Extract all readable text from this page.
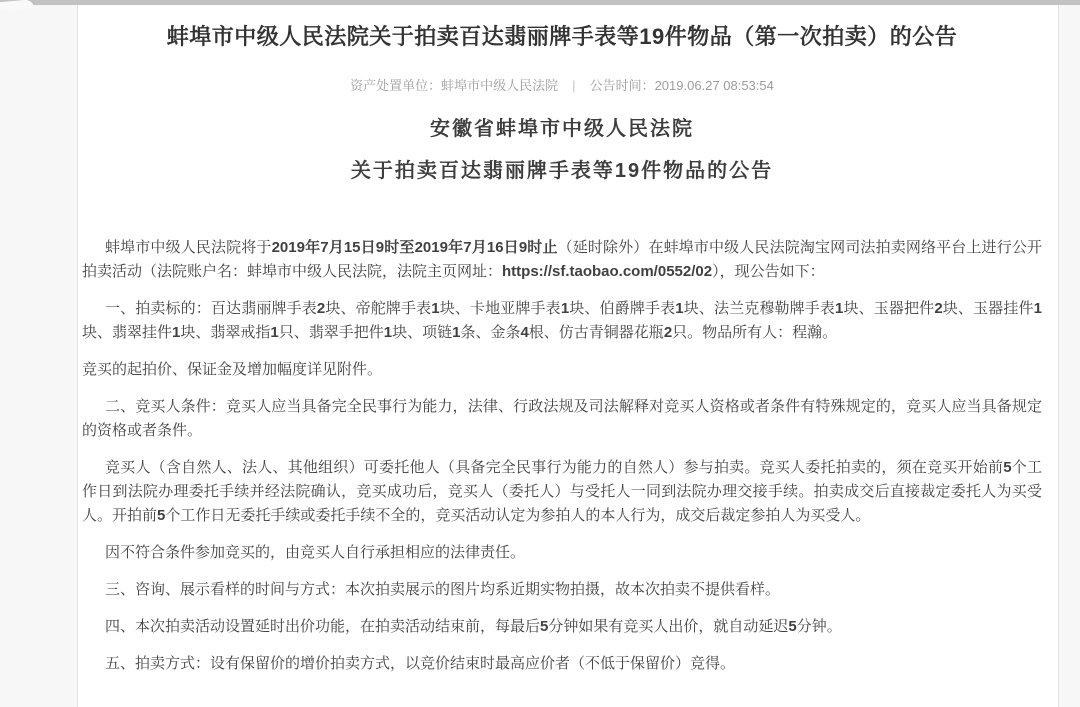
蚌埠市中级人民法院关于拍卖百达翡丽牌手表等19件物品（第一次拍卖）的公告
资产处置单位：蚌埠市中级人民法院 | 公告时间：2019.06.27 08:53:54
安徽省蚌埠市中级人民法院
关于拍卖百达翡丽牌手表等19件物品的公告

蚌埠市中级人民法院将于2019年7月15日9时至2019年7月16日9时止（延时除外）在蚌埠市中级人民法院淘宝网司法拍卖网络平台上进行公开拍卖活动（法院账户名：蚌埠市中级人民法院，法院主页网址：https://sf.taobao.com/0552/02），现公告如下：

一、拍卖标的：百达翡丽牌手表2块、帝舵牌手表1块、卡地亚牌手表1块、伯爵牌手表1块、法兰克穆勒牌手表1块、玉器把件2块、玉器挂件1块、翡翠挂件1块、翡翠戒指1只、翡翠手把件1块、项链1条、金条4根、仿古青铜器花瓶2只。物品所有人：程瀚。

竞买的起拍价、保证金及增加幅度详见附件。

二、竞买人条件：竞买人应当具备完全民事行为能力，法律、行政法规及司法解释对竞买人资格或者条件有特殊规定的，竞买人应当具备规定的资格或者条件。

竞买人（含自然人、法人、其他组织）可委托他人（具备完全民事行为能力的自然人）参与拍卖。竞买人委托拍卖的，须在竞买开始前5个工作日到法院办理委托手续并经法院确认，竞买成功后，竞买人（委托人）与受托人一同到法院办理交接手续。拍卖成交后直接裁定委托人为买受人。开拍前5个工作日无委托手续或委托手续不全的，竞买活动认定为参拍人的本人行为，成交后裁定参拍人为买受人。

因不符合条件参加竞买的，由竞买人自行承担相应的法律责任。

三、咨询、展示看样的时间与方式：本次拍卖展示的图片均系近期实物拍摄，故本次拍卖不提供看样。

四、本次拍卖活动设置延时出价功能，在拍卖活动结束前，每最后5分钟如果有竞买人出价，就自动延迟5分钟。

五、拍卖方式：设有保留价的增价拍卖方式，以竞价结束时最高应价者（不低于保留价）竞得。
